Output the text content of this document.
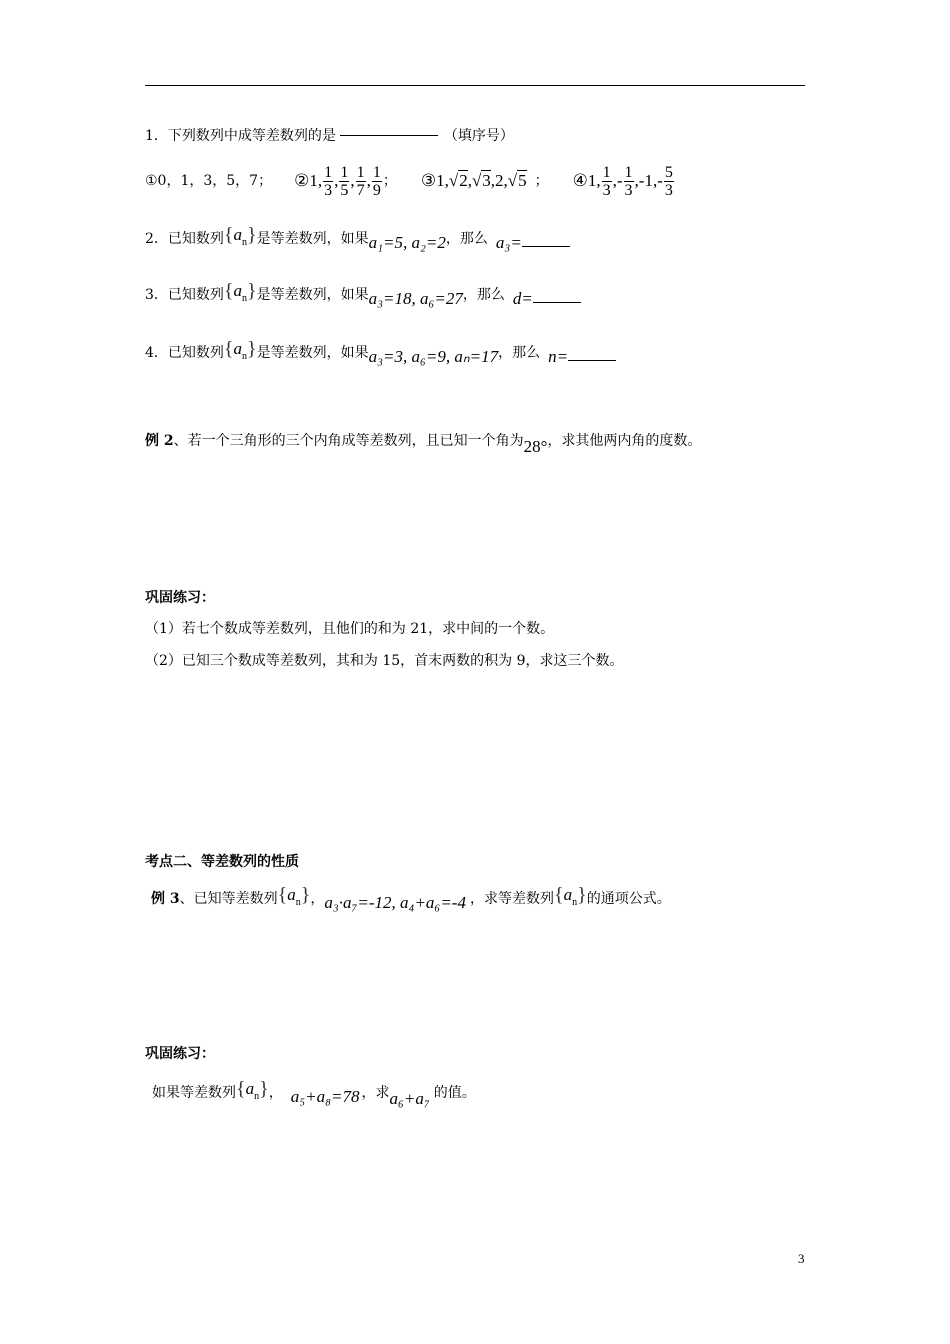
1．下列数列中成等差数列的是	（填序号）
①0，1，3，5，7； ②1, $\frac{1}{3}$ , $\frac{1}{5}$ , $\frac{1}{7}$ , $\frac{1}{9}$ ； ③1, √2 , √3 ,2, √5 ； ④1, $\frac{1}{3}$ ,- $\frac{1}{3} ,-1,- \frac{5}{3}$
2．已知数列 $\{a_n\}$ 是等差数列，如果 a₁=5, a₂=2 ，那么 a₃=
3．已知数列 $\{a_n\}$ 是等差数列，如果 a₃=18, a₆=27 ，那么 d=
4．已知数列 $\{a_n\}$ 是等差数列，如果 a₃=3, a₆=9, aₙ=17 ，那么 n=
例 2 、若一个三角形的三个内角成等差数列，且已知一个角为 28° ，求其他两内角的度数。
巩固练习：
（1）若七个数成等差数列，且他们的和为 21，求中间的一个数。
（2）已知三个数成等差数列，其和为 15，首末两数的积为 9，求这三个数。
考点二、等差数列的性质
例 3 、已知等差数列 $\{a_n\}$ ， a₃·a₇=-12, a₄+a₆=-4 ，求等差数列 $\{a_n\}$ 的通项公式。
巩固练习：
如果等差数列 $\{a_n\}$ ， a₅+a₈=78 ，求 a₆+a₇ 的值。
3
